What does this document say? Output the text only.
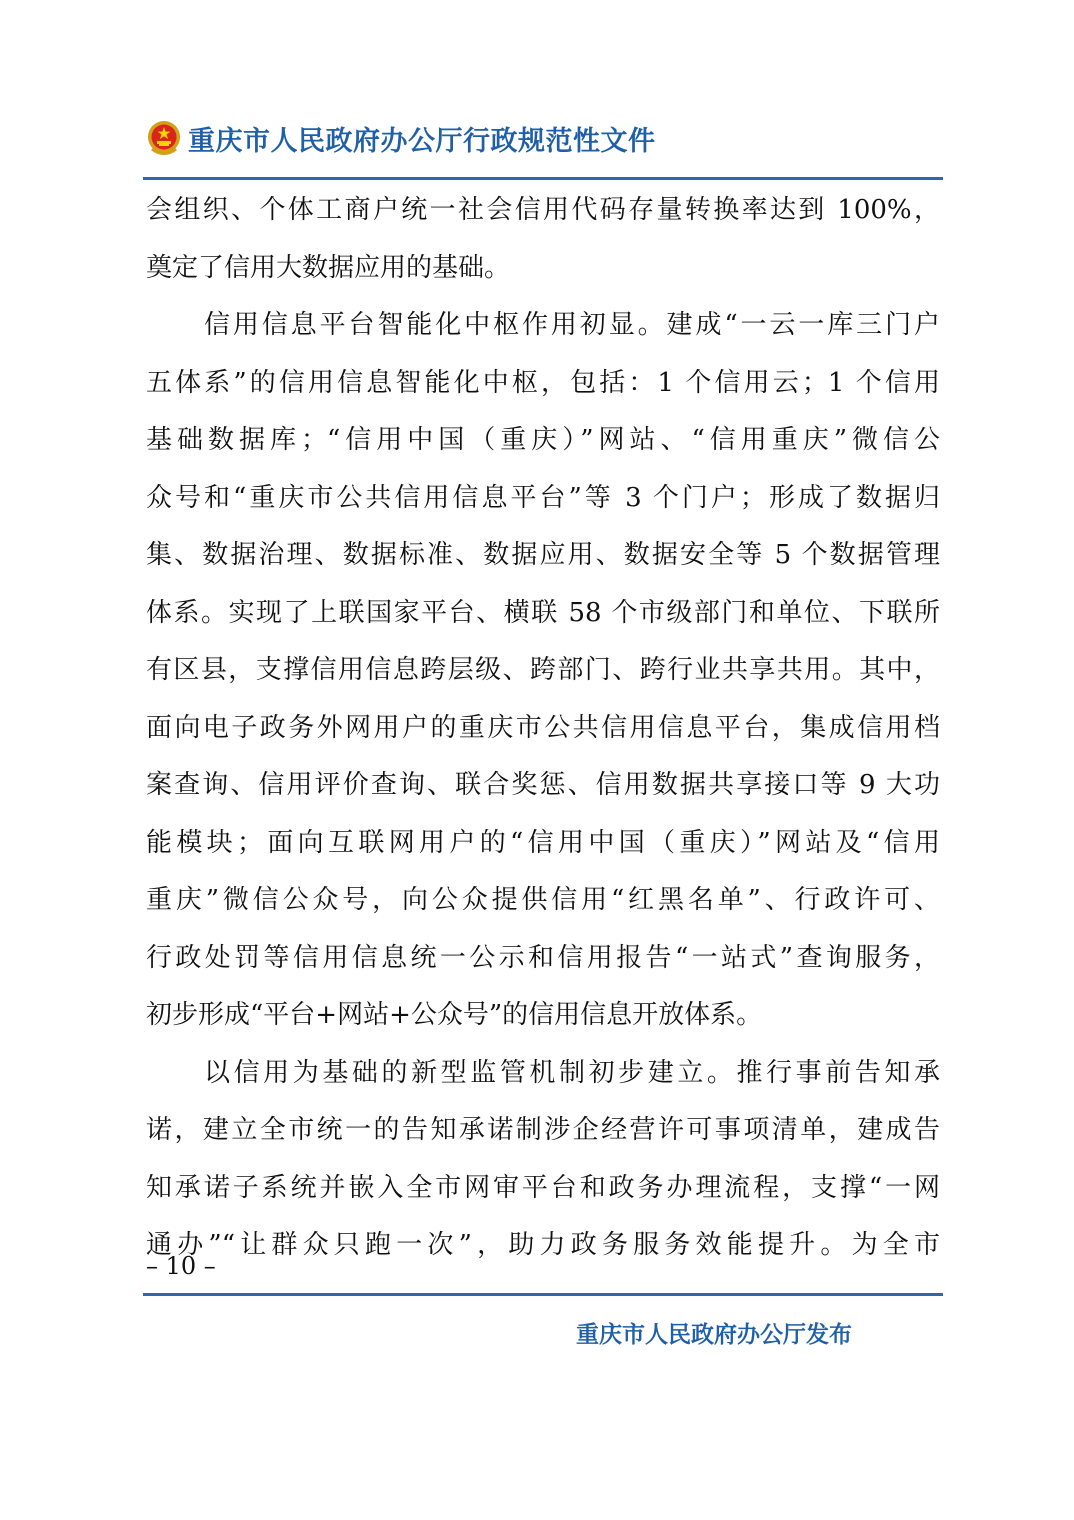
重庆市人民政府办公厅行政规范性文件
会组织、个体工商户统一社会信用代码存量转换率达到 100%，
奠定了信用大数据应用的基础。
信用信息平台智能化中枢作用初显。建成“一云一库三门户
五体系”的信用信息智能化中枢，包括：1 个信用云；1 个信用
基础数据库；“信用中国（重庆）”网站、“信用重庆”微信公
众号和“重庆市公共信用信息平台”等 3 个门户；形成了数据归
集、数据治理、数据标准、数据应用、数据安全等 5 个数据管理
体系。实现了上联国家平台、横联 58 个市级部门和单位、下联所
有区县，支撑信用信息跨层级、跨部门、跨行业共享共用。其中，
面向电子政务外网用户的重庆市公共信用信息平台，集成信用档
案查询、信用评价查询、联合奖惩、信用数据共享接口等 9 大功
能模块；面向互联网用户的“信用中国（重庆）”网站及“信用
重庆”微信公众号，向公众提供信用“红黑名单”、行政许可、
行政处罚等信用信息统一公示和信用报告“一站式”查询服务，
初步形成“平台+网站+公众号”的信用信息开放体系。
以信用为基础的新型监管机制初步建立。推行事前告知承
诺，建立全市统一的告知承诺制涉企经营许可事项清单，建成告
知承诺子系统并嵌入全市网审平台和政务办理流程，支撑“一网
通办”“让群众只跑一次”，助力政务服务效能提升。为全市
– 10 –
重庆市人民政府办公厅发布
